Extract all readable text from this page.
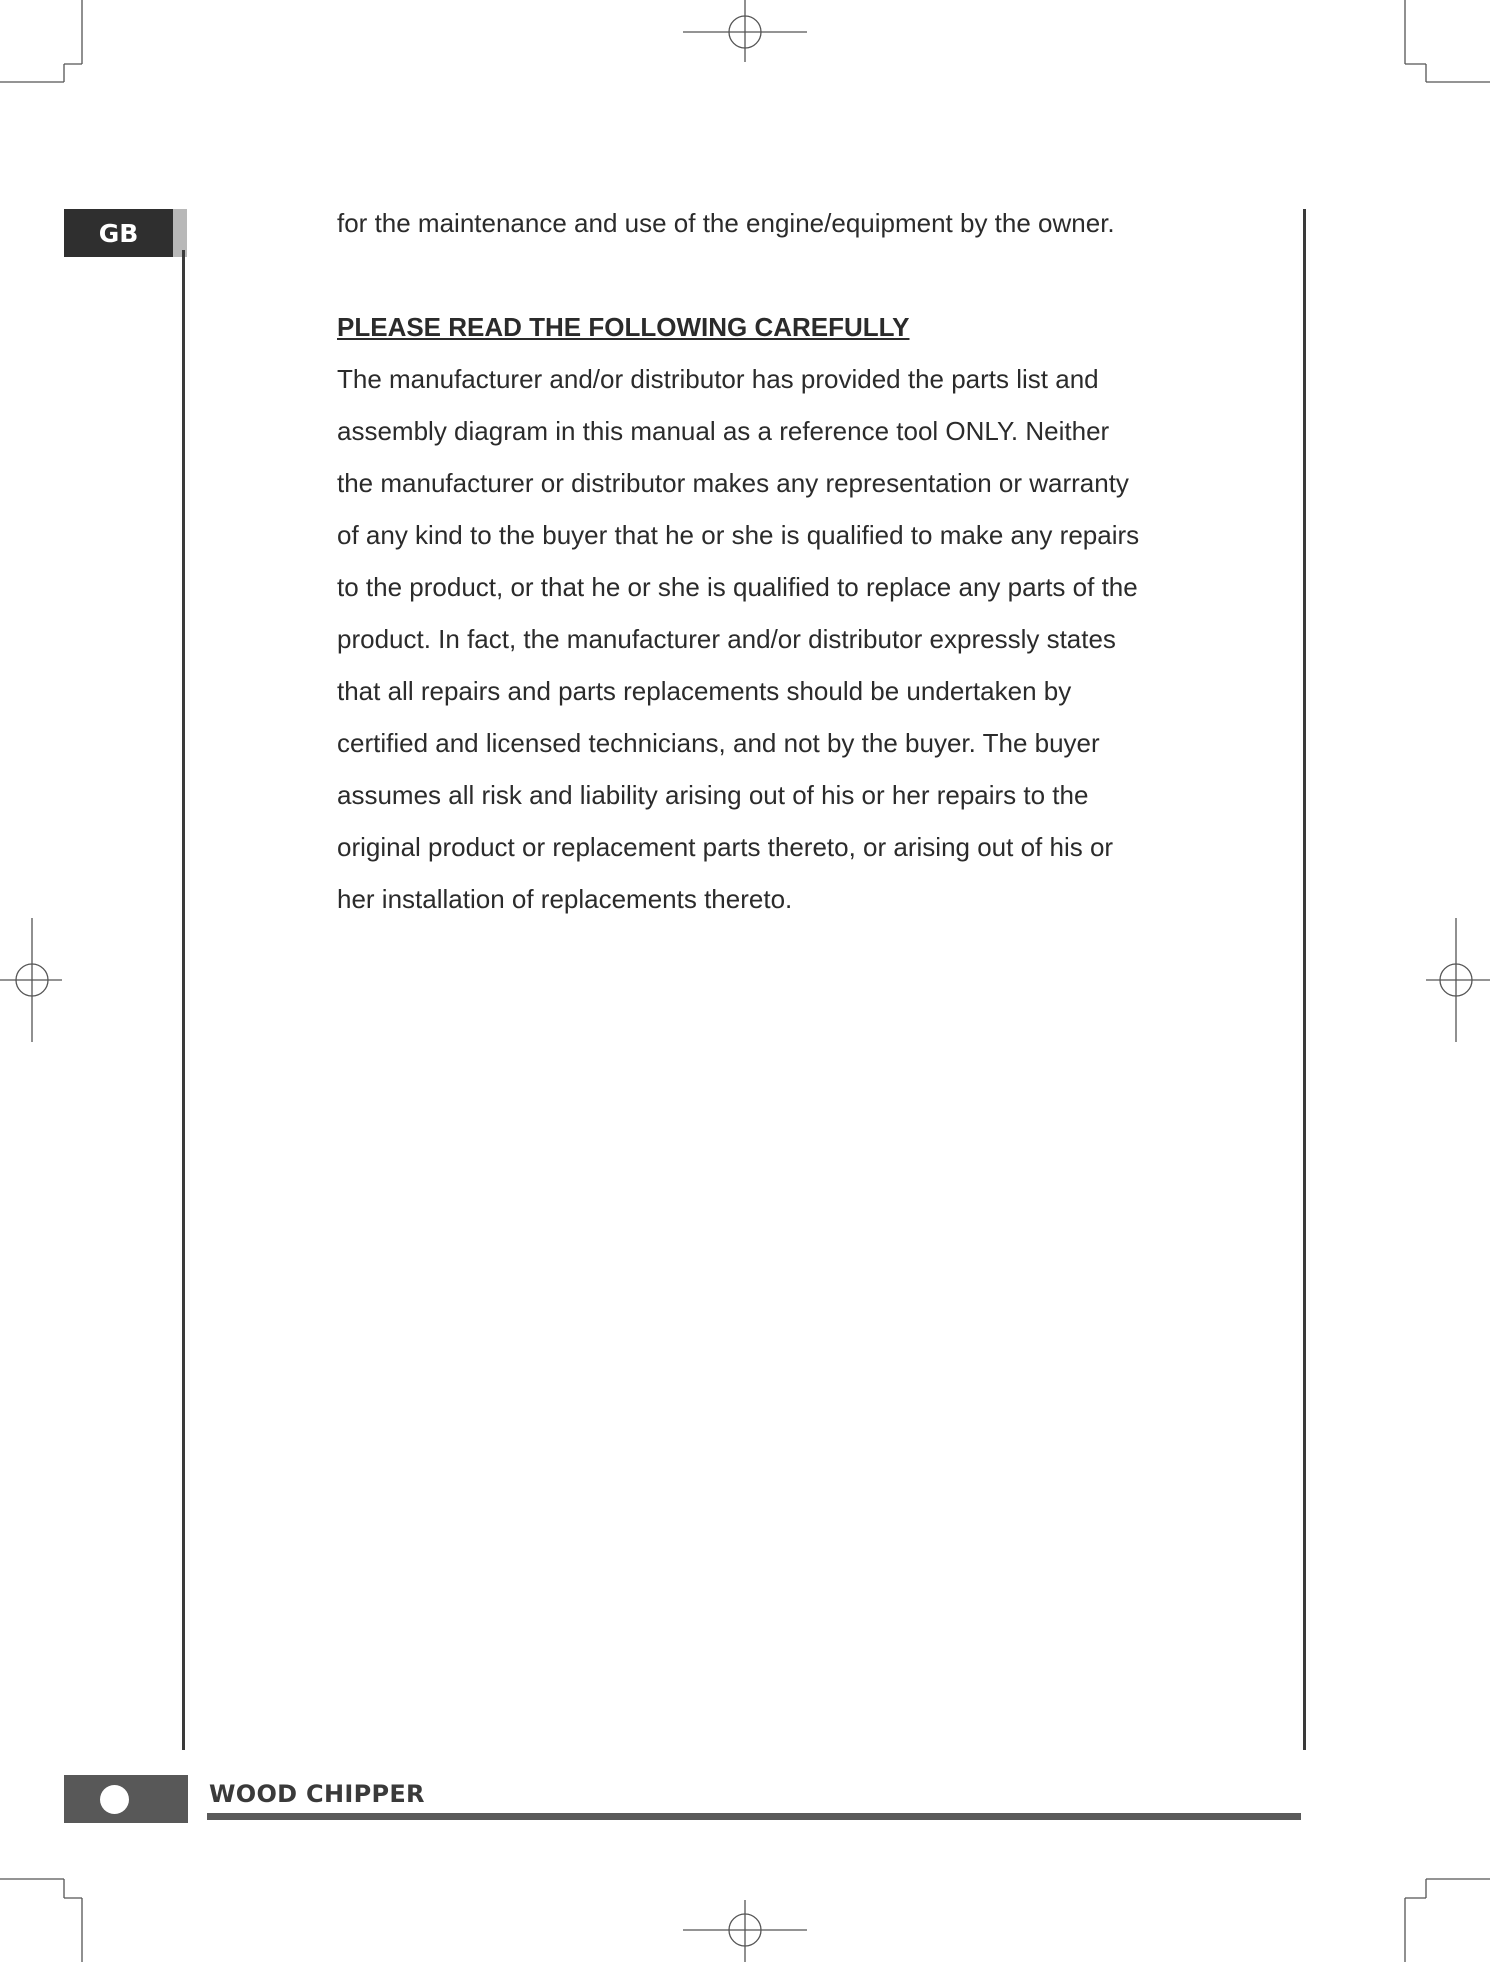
GB	for the maintenance and use of the engine/equipment by the owner.

PLEASE READ THE FOLLOWING CAREFULLY

The manufacturer and/or distributor has provided the parts list and

assembly diagram in this manual as a reference tool ONLY. Neither

the manufacturer or distributor makes any representation or warranty

of any kind to the buyer that he or she is qualified to make any repairs

to the product, or that he or she is qualified to replace any parts of the

product. In fact, the manufacturer and/or distributor expressly states

that all repairs and parts replacements should be undertaken by

certified and licensed technicians, and not by the buyer. The buyer

assumes all risk and liability arising out of his or her repairs to the

original product or replacement parts thereto, or arising out of his or

her installation of replacements thereto.

WOOD CHIPPER
